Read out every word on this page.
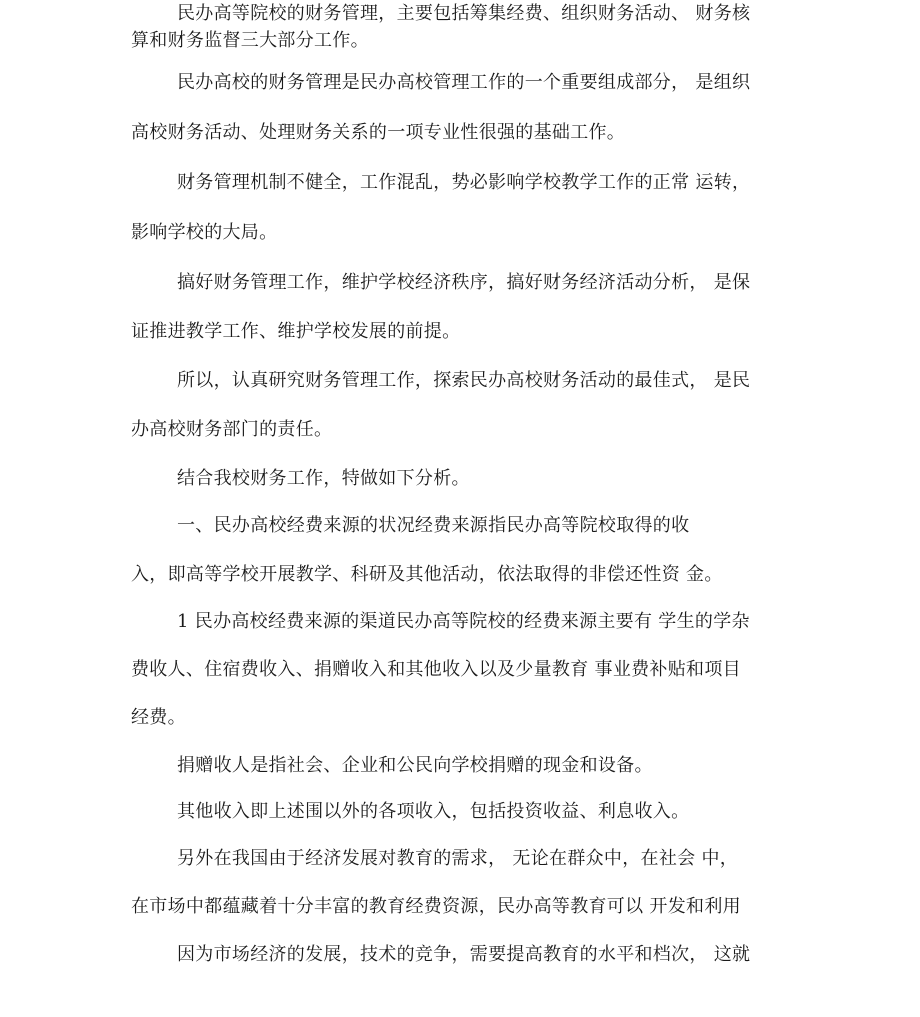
民办高等院校的财务管理，主要包括筹集经费、组织财务活动、 财务核
算和财务监督三大部分工作。
民办高校的财务管理是民办高校管理工作的一个重要组成部分， 是组织
高校财务活动、处理财务关系的一项专业性很强的基础工作。
财务管理机制不健全，工作混乱，势必影响学校教学工作的正常 运转，
影响学校的大局。
搞好财务管理工作，维护学校经济秩序，搞好财务经济活动分析， 是保
证推进教学工作、维护学校发展的前提。
所以，认真研究财务管理工作，探索民办高校财务活动的最佳式， 是民
办高校财务部门的责任。
结合我校财务工作，特做如下分析。
一、民办高校经费来源的状况经费来源指民办高等院校取得的收
入，即高等学校开展教学、科研及其他活动，依法取得的非偿还性资 金。
1 民办高校经费来源的渠道民办高等院校的经费来源主要有 学生的学杂
费收人、住宿费收入、捐赠收入和其他收入以及少量教育 事业费补贴和项目
经费。
捐赠收人是指社会、企业和公民向学校捐赠的现金和设备。
其他收入即上述围以外的各项收入，包括投资收益、利息收入。
另外在我国由于经济发展对教育的需求， 无论在群众中，在社会 中，
在市场中都蕴藏着十分丰富的教育经费资源，民办高等教育可以 开发和利用
因为市场经济的发展，技术的竞争，需要提高教育的水平和档次， 这就
